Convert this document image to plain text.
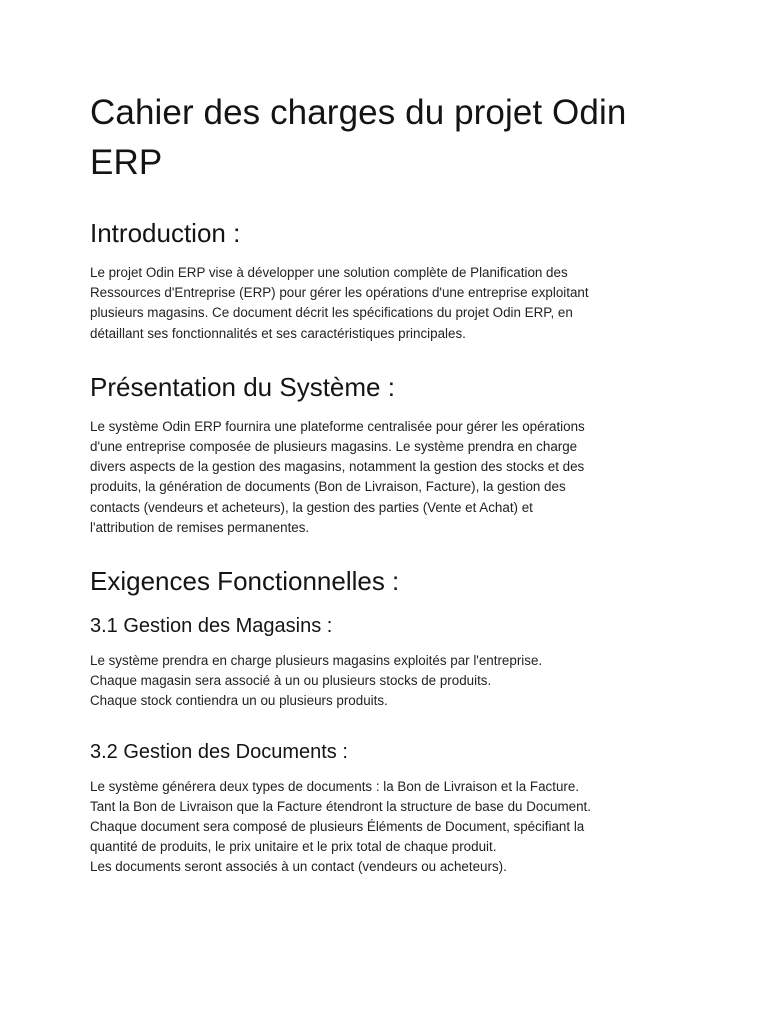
Cahier des charges du projet Odin
ERP
Introduction :

Le projet Odin ERP vise à développer une solution complète de Planification des
Ressources d'Entreprise (ERP) pour gérer les opérations d'une entreprise exploitant
plusieurs magasins. Ce document décrit les spécifications du projet Odin ERP, en
détaillant ses fonctionnalités et ses caractéristiques principales.

Présentation du Système :

Le système Odin ERP fournira une plateforme centralisée pour gérer les opérations
d'une entreprise composée de plusieurs magasins. Le système prendra en charge
divers aspects de la gestion des magasins, notamment la gestion des stocks et des
produits, la génération de documents (Bon de Livraison, Facture), la gestion des
contacts (vendeurs et acheteurs), la gestion des parties (Vente et Achat) et
l'attribution de remises permanentes.

Exigences Fonctionnelles :
3.1 Gestion des Magasins :

Le système prendra en charge plusieurs magasins exploités par l'entreprise.
Chaque magasin sera associé à un ou plusieurs stocks de produits.
Chaque stock contiendra un ou plusieurs produits.

3.2 Gestion des Documents :

Le système générera deux types de documents : la Bon de Livraison et la Facture.
Tant la Bon de Livraison que la Facture étendront la structure de base du Document.
Chaque document sera composé de plusieurs Éléments de Document, spécifiant la
quantité de produits, le prix unitaire et le prix total de chaque produit.
Les documents seront associés à un contact (vendeurs ou acheteurs).
